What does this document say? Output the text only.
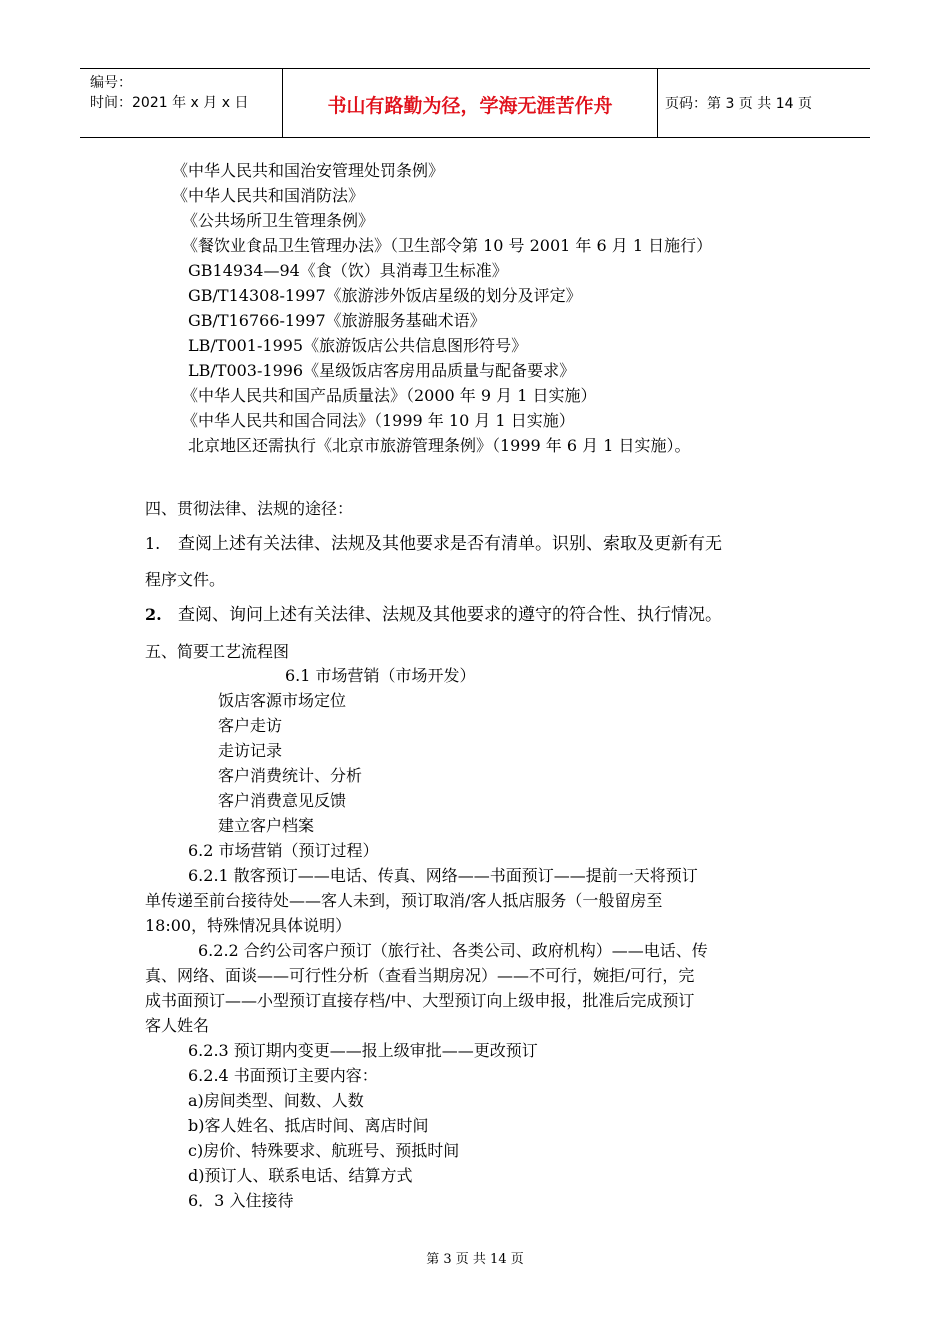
编号：
时间：2021 年 x 月 x 日	书山有路勤为径，学海无涯苦作舟	页码：第 3 页 共 14 页
《中华人民共和国治安管理处罚条例》
《中华人民共和国消防法》
《公共场所卫生管理条例》
《餐饮业食品卫生管理办法》（卫生部令第 10 号 2001 年 6 月 1 日施行）
GB14934—94《食（饮）具消毒卫生标准》
GB/T14308-1997《旅游涉外饭店星级的划分及评定》
GB/T16766-1997《旅游服务基础术语》
LB/T001-1995《旅游饭店公共信息图形符号》
LB/T003-1996《星级饭店客房用品质量与配备要求》
《中华人民共和国产品质量法》（2000 年 9 月 1 日实施）
《中华人民共和国合同法》（1999 年 10 月 1 日实施）
北京地区还需执行《北京市旅游管理条例》（1999 年 6 月 1 日实施）。
四、贯彻法律、法规的途径：
1. 查阅上述有关法律、法规及其他要求是否有清单。识别、索取及更新有无
程序文件。
2. 查阅、询问上述有关法律、法规及其他要求的遵守的符合性、执行情况。
五、简要工艺流程图
6.1 市场营销（市场开发）
饭店客源市场定位
客户走访
走访记录
客户消费统计、分析
客户消费意见反馈
建立客户档案
6.2 市场营销（预订过程）
6.2.1 散客预订——电话、传真、网络——书面预订——提前一天将预订
单传递至前台接待处——客人未到，预订取消/客人抵店服务（一般留房至
18:00，特殊情况具体说明）
6.2.2 合约公司客户预订（旅行社、各类公司、政府机构）——电话、传
真、网络、面谈——可行性分析（查看当期房况）——不可行，婉拒/可行，完
成书面预订——小型预订直接存档/中、大型预订向上级申报，批准后完成预订
客人姓名
6.2.3 预订期内变更——报上级审批——更改预订
6.2.4 书面预订主要内容：
a)房间类型、间数、人数
b)客人姓名、抵店时间、离店时间
c)房价、特殊要求、航班号、预抵时间
d)预订人、联系电话、结算方式
6．3 入住接待
第 3 页 共 14 页
